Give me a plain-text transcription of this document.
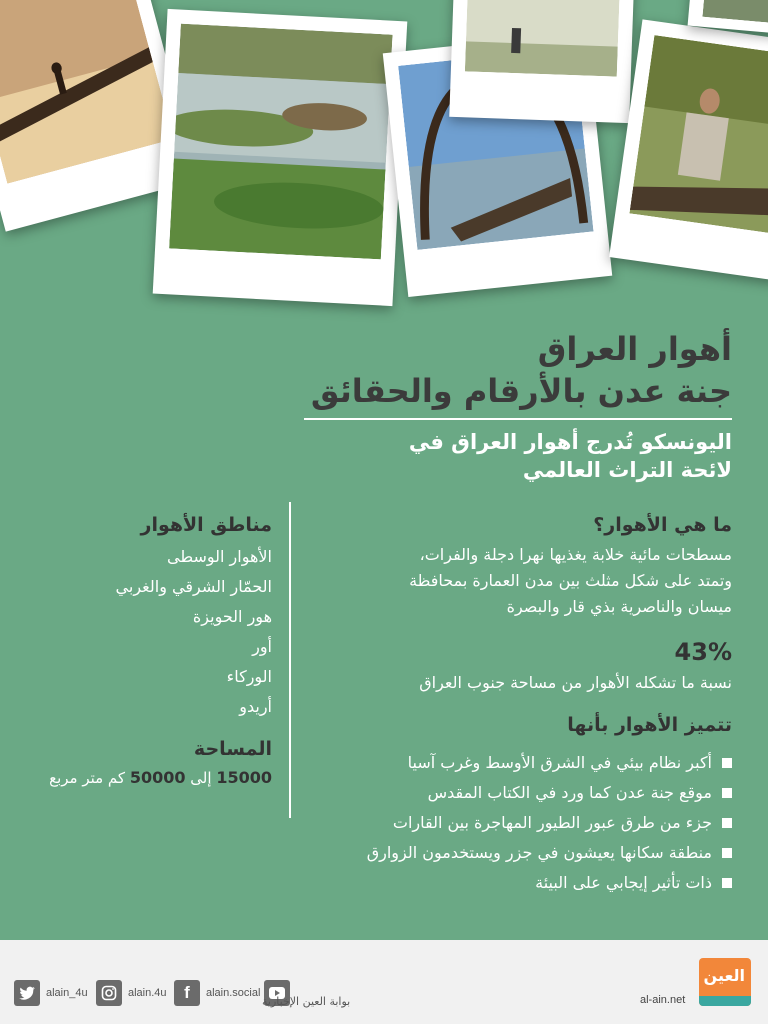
أهوار العراق
جنة عدن بالأرقام والحقائق
اليونسكو تُدرج أهوار العراق في
لائحة التراث العالمي
ما هي الأهوار؟
مسطحات مائية خلابة يغذيها نهرا دجلة والفرات،
وتمتد على شكل مثلث بين مدن العمارة بمحافظة
ميسان والناصرية بذي قار والبصرة
43%
نسبة ما تشكله الأهوار من مساحة جنوب العراق
تتميز الأهوار بأنها
أكبر نظام بيئي في الشرق الأوسط وغرب آسيا
موقع جنة عدن كما ورد في الكتاب المقدس
جزء من طرق عبور الطيور المهاجرة بين القارات
منطقة سكانها يعيشون في جزر ويستخدمون الزوارق
ذات تأثير إيجابي على البيئة
مناطق الأهوار
الأهوار الوسطى
الحمّار الشرقي والغربي
هور الحويزة
أور
الوركاء
أريدو
المساحة
15000 إلى 50000 كم متر مربع
alain_4u	alain.4u f alain.social
بوابة العين الإخبارية
العين
al-ain.net
